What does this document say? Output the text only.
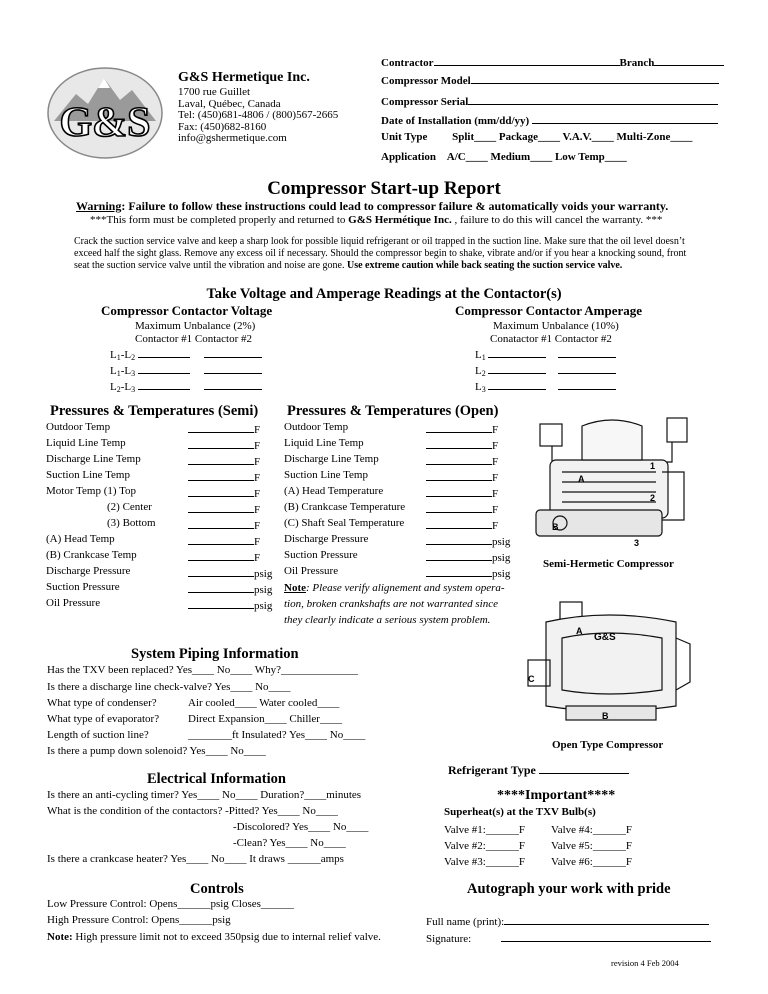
G&S
G&S Hermetique Inc.
1700 rue Guillet
Laval, Québec, Canada
Tel: (450)681-4806 / (800)567-2665
Fax: (450)682-8160
info@gshermetique.com
Contractor	Branch
Compressor Model
Compressor Serial
Date of Installation (mm/dd/yy)
Unit Type Split____ Package____ V.A.V.____ Multi-Zone____
Application A/C____ Medium____ Low Temp____
Compressor Start-up Report
Warning: Failure to follow these instructions could lead to compressor failure & automatically voids your warranty.
***This form must be completed properly and returned to G&S Hermétique Inc. , failure to do this will cancel the warranty. ***
Crack the suction service valve and keep a sharp look for possible liquid refrigerant or oil trapped in the suction line. Make sure that the oil level doesn’t
exceed half the sight glass. Remove any excess oil if necessary. Should the compressor begin to shake, vibrate and/or if you hear a knocking sound, front
seat the suction service valve until the vibration and noise are gone. Use extreme caution while back seating the suction service valve.
Take Voltage and Amperage Readings at the Contactor(s)
Compressor Contactor Voltage
Maximum Unbalance (2%)
Contactor #1 Contactor #2
$L_1-L_2$
$L_1-L_3$
$L_2-L_3$
Compressor Contactor Amperage
Maximum Unbalance (10%)
Conatactor #1 Contactor #2
$L_1$
$L_2$
$L_3$
Pressures & Temperatures (Semi) Pressures & Temperatures (Open)
Outdoor Temp	F
Liquid Line Temp	F
Discharge Line Temp	F
Suction Line Temp	F
Motor Temp (1) Top	F
(2) Center	F
(3) Bottom	F
(A) Head Temp	F
(B) Crankcase Temp	F
Discharge Pressure	psig
Suction Pressure	psig
Oil Pressure	psig
Outdoor Temp	F
Liquid Line Temp	F
Discharge Line Temp	F
Suction Line Temp	F
(A) Head Temperature	F
(B) Crankcase Temperature	F
(C) Shaft Seal Temperature	F
Discharge Pressure	psig
Suction Pressure	psig
Oil Pressure	psig
Note: Please verify alignement and system opera-
tion, broken crankshafts are not warranted since
they clearly indicate a serious system problem.
1
2
3
A
B
Semi-Hermetic Compressor
A
B
C
G&S
Open Type Compressor
System Piping Information
Has the TXV been replaced? Yes____ No____ Why?______________
Is there a discharge line check-valve? Yes____ No____
What type of condenser?	Air cooled____ Water cooled____
What type of evaporator?	Direct Expansion____ Chiller____
Length of suction line?	________ft Insulated? Yes____ No____
Is there a pump down solenoid? Yes____ No____
Electrical Information
Is there an anti-cycling timer? Yes____ No____ Duration?____minutes
What is the condition of the contactors? -Pitted? Yes____ No____
-Discolored? Yes____ No____
-Clean? Yes____ No____
Is there a crankcase heater? Yes____ No____ It draws ______amps
Refrigerant Type
****Important****
Superheat(s) at the TXV Bulb(s)
Valve #1:______F Valve #4:______F
Valve #2:______F Valve #5:______F
Valve #3:______F Valve #6:______F
Controls
Low Pressure Control: Opens______psig Closes______
High Pressure Control: Opens______psig
Note: High pressure limit not to exceed 350psig due to internal relief valve.
Autograph your work with pride
Full name (print):
Signature:
revision 4 Feb 2004
